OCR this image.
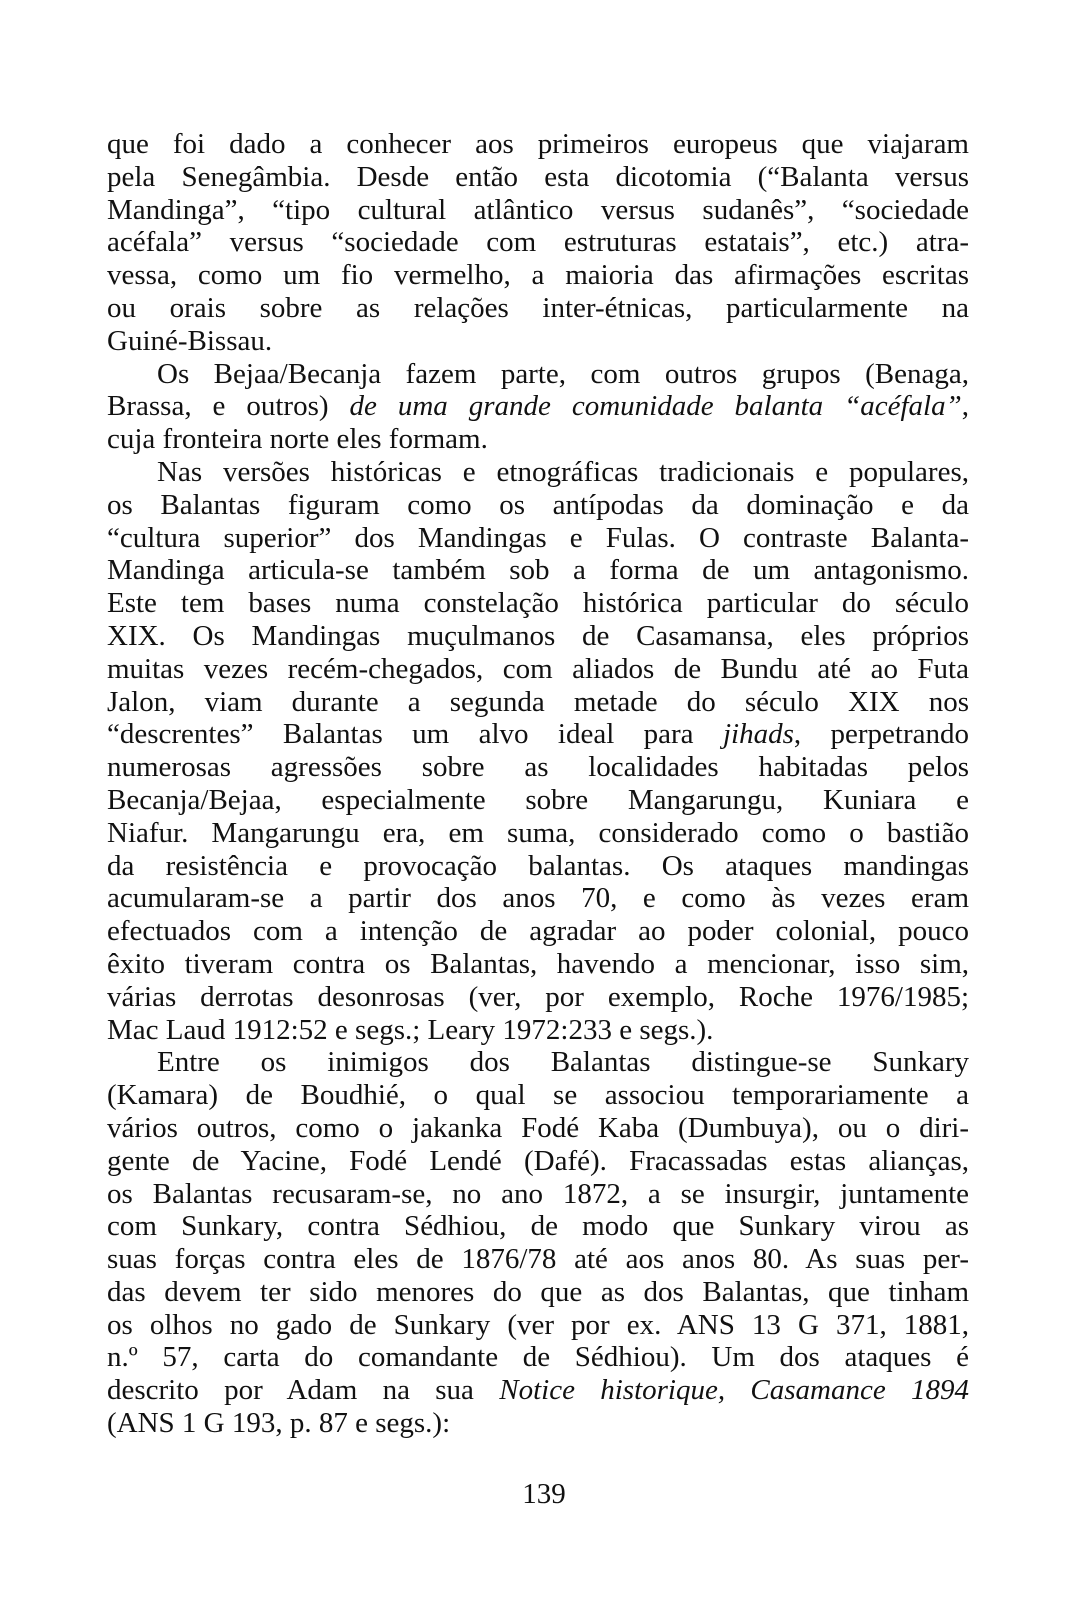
que foi dado a conhecer aos primeiros europeus que viajaram
pela Senegâmbia. Desde então esta dicotomia (“Balanta versus
Mandinga”, “tipo cultural atlântico versus sudanês”, “sociedade
acéfala” versus “sociedade com estruturas estatais”, etc.) atra-
vessa, como um fio vermelho, a maioria das afirmações escritas
ou orais sobre as relações inter-étnicas, particularmente na
Guiné-Bissau.
Os Bejaa/Becanja fazem parte, com outros grupos (Benaga,
Brassa, e outros) de uma grande comunidade balanta “acéfala”,
cuja fronteira norte eles formam.
Nas versões históricas e etnográficas tradicionais e populares,
os Balantas figuram como os antípodas da dominação e da
“cultura superior” dos Mandingas e Fulas. O contraste Balanta-
Mandinga articula-se também sob a forma de um antagonismo.
Este tem bases numa constelação histórica particular do século
XIX. Os Mandingas muçulmanos de Casamansa, eles próprios
muitas vezes recém-chegados, com aliados de Bundu até ao Futa
Jalon, viam durante a segunda metade do século XIX nos
“descrentes” Balantas um alvo ideal para jihads, perpetrando
numerosas agressões sobre as localidades habitadas pelos
Becanja/Bejaa, especialmente sobre Mangarungu, Kuniara e
Niafur. Mangarungu era, em suma, considerado como o bastião
da resistência e provocação balantas. Os ataques mandingas
acumularam-se a partir dos anos 70, e como às vezes eram
efectuados com a intenção de agradar ao poder colonial, pouco
êxito tiveram contra os Balantas, havendo a mencionar, isso sim,
várias derrotas desonrosas (ver, por exemplo, Roche 1976/1985;
Mac Laud 1912:52 e segs.; Leary 1972:233 e segs.).
Entre os inimigos dos Balantas distingue-se Sunkary
(Kamara) de Boudhié, o qual se associou temporariamente a
vários outros, como o jakanka Fodé Kaba (Dumbuya), ou o diri-
gente de Yacine, Fodé Lendé (Dafé). Fracassadas estas alianças,
os Balantas recusaram-se, no ano 1872, a se insurgir, juntamente
com Sunkary, contra Sédhiou, de modo que Sunkary virou as
suas forças contra eles de 1876/78 até aos anos 80. As suas per-
das devem ter sido menores do que as dos Balantas, que tinham
os olhos no gado de Sunkary (ver por ex. ANS 13 G 371, 1881,
n.º 57, carta do comandante de Sédhiou). Um dos ataques é
descrito por Adam na sua Notice historique, Casamance 1894
(ANS 1 G 193, p. 87 e segs.):
139
